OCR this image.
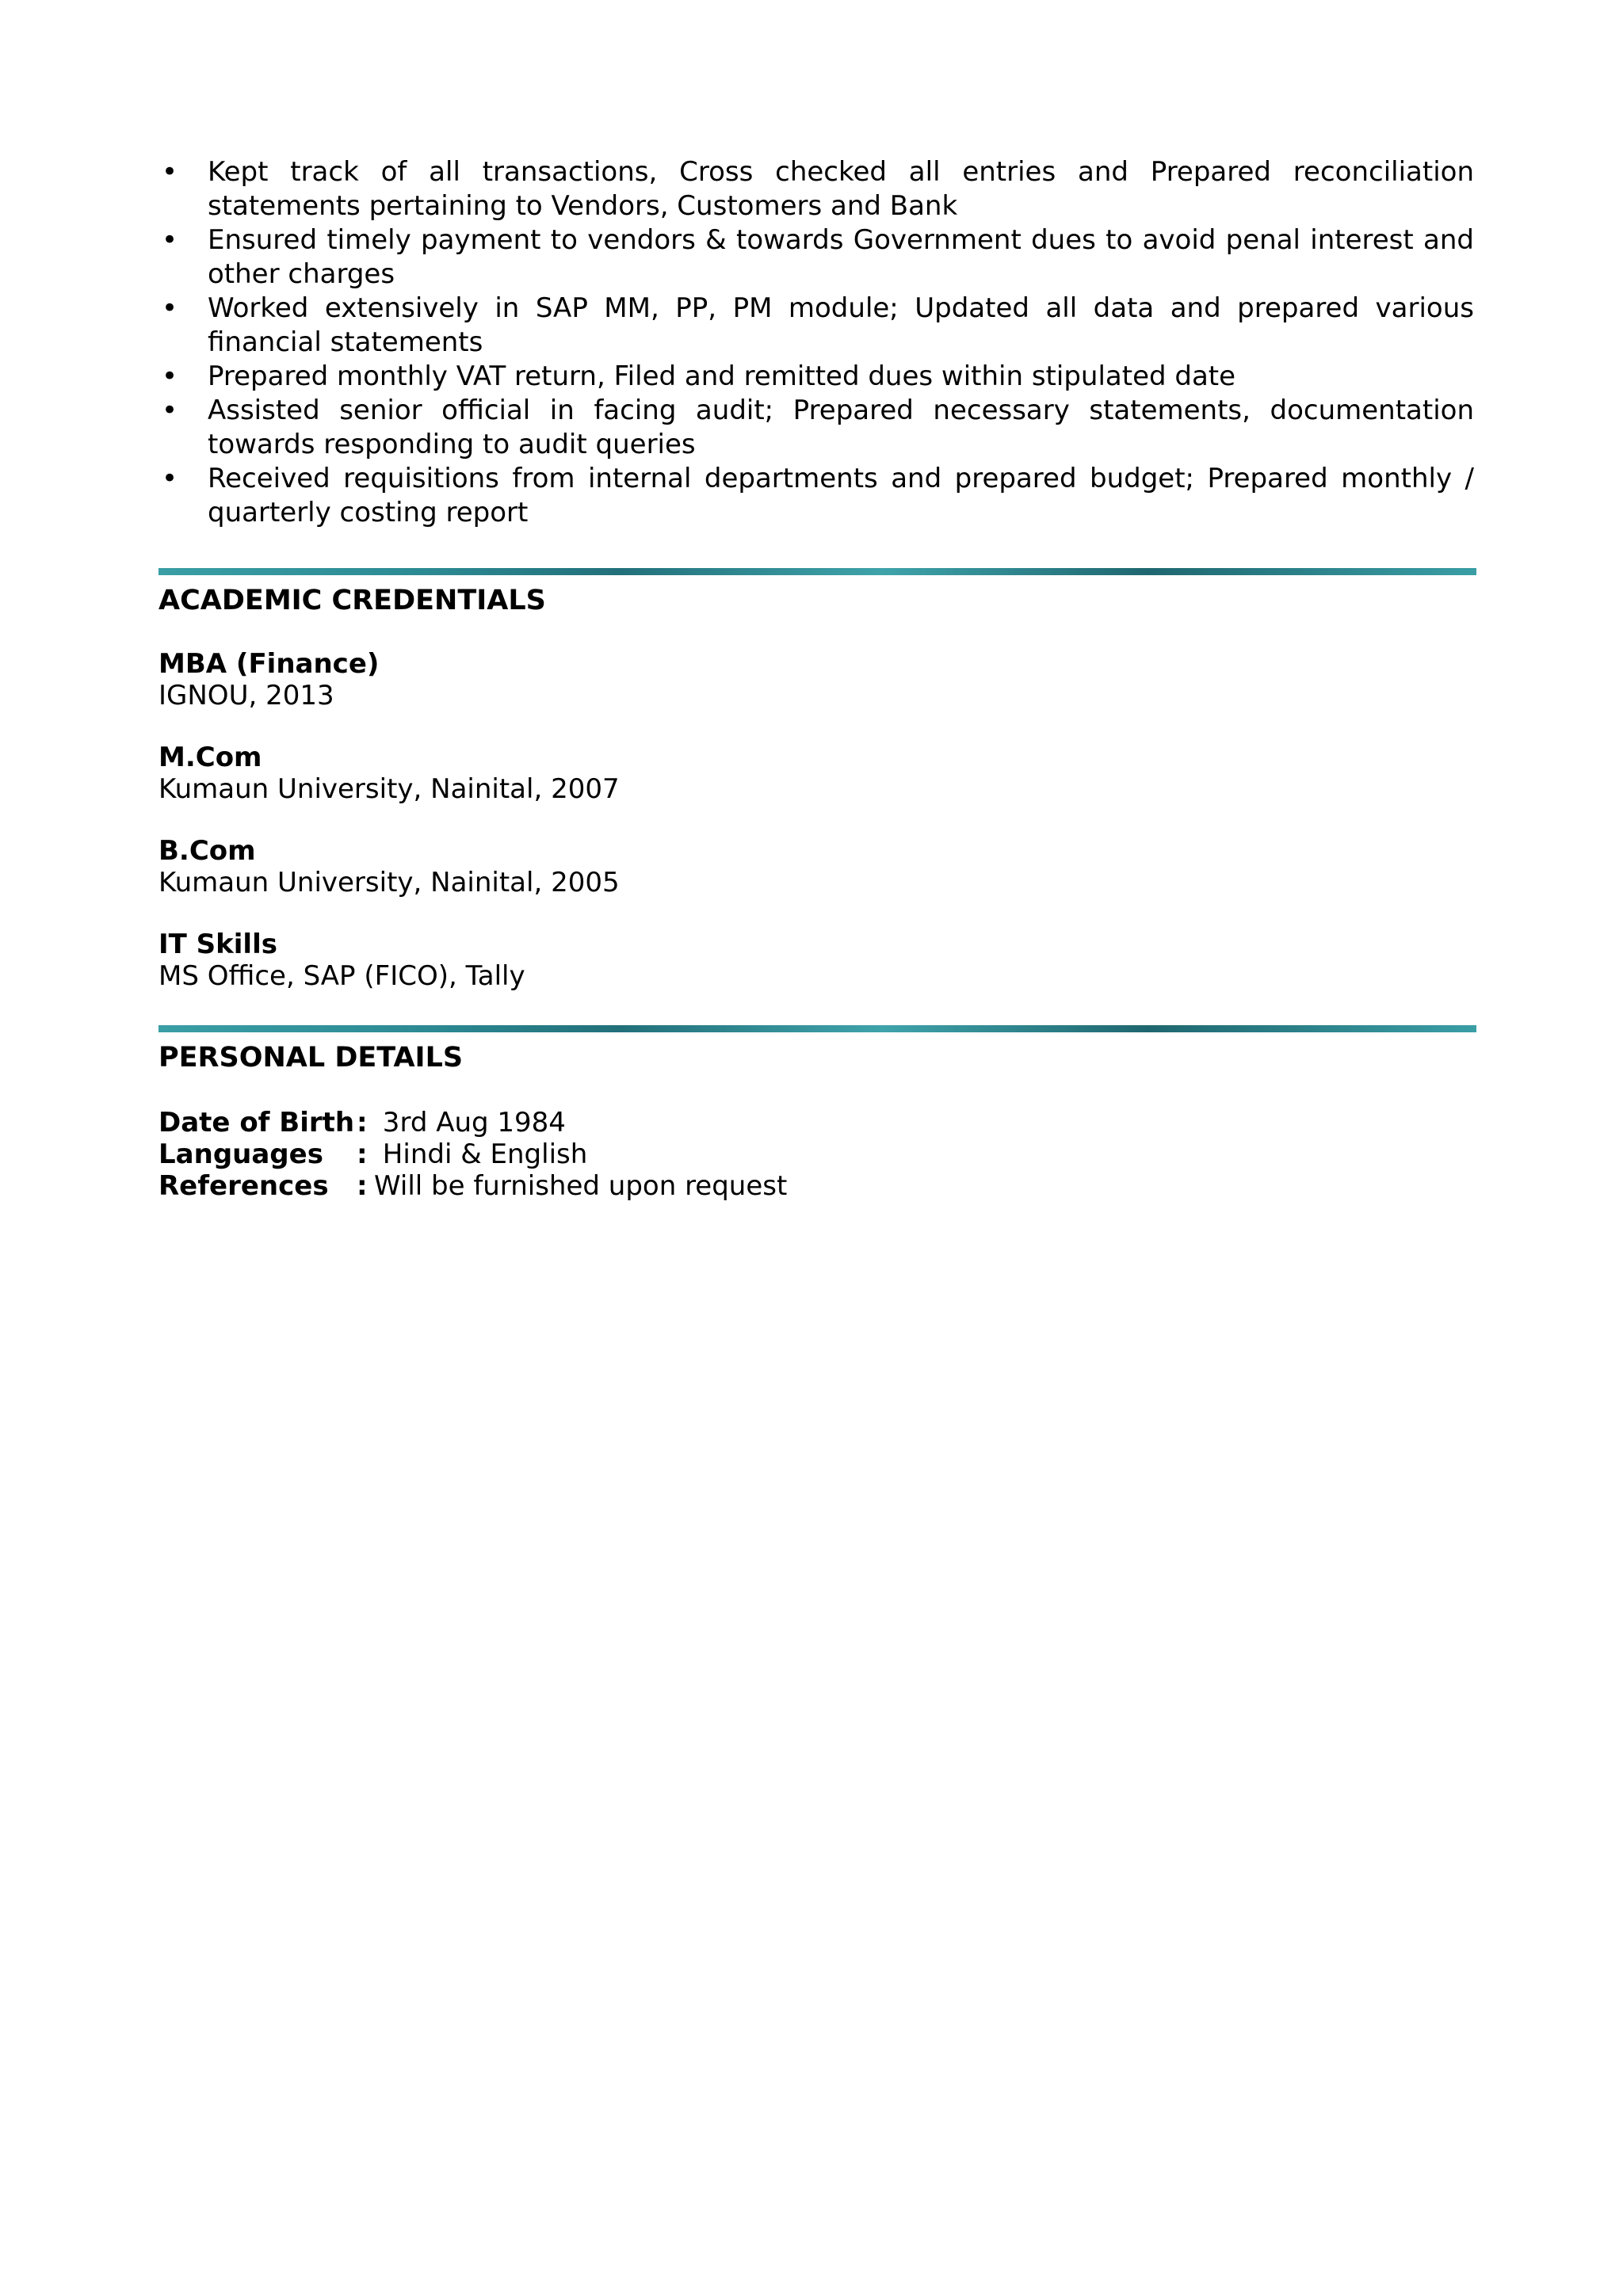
• Kept track of all transactions, Cross checked all entries and Prepared reconciliation statements pertaining to Vendors, Customers and Bank
• Ensured timely payment to vendors & towards Government dues to avoid penal interest and other charges
• Worked extensively in SAP MM, PP, PM module; Updated all data and prepared various financial statements
• Prepared monthly VAT return, Filed and remitted dues within stipulated date
• Assisted senior official in facing audit; Prepared necessary statements, documentation towards responding to audit queries
• Received requisitions from internal departments and prepared budget; Prepared monthly / quarterly costing report
ACADEMIC CREDENTIALS
MBA (Finance)
IGNOU, 2013
M.Com
Kumaun University, Nainital, 2007
B.Com
Kumaun University, Nainital, 2005
IT Skills
MS Office, SAP (FICO), Tally
PERSONAL DETAILS
Date of Birth : 3rd Aug 1984
Languages	: Hindi & English
References	: Will be furnished upon request
